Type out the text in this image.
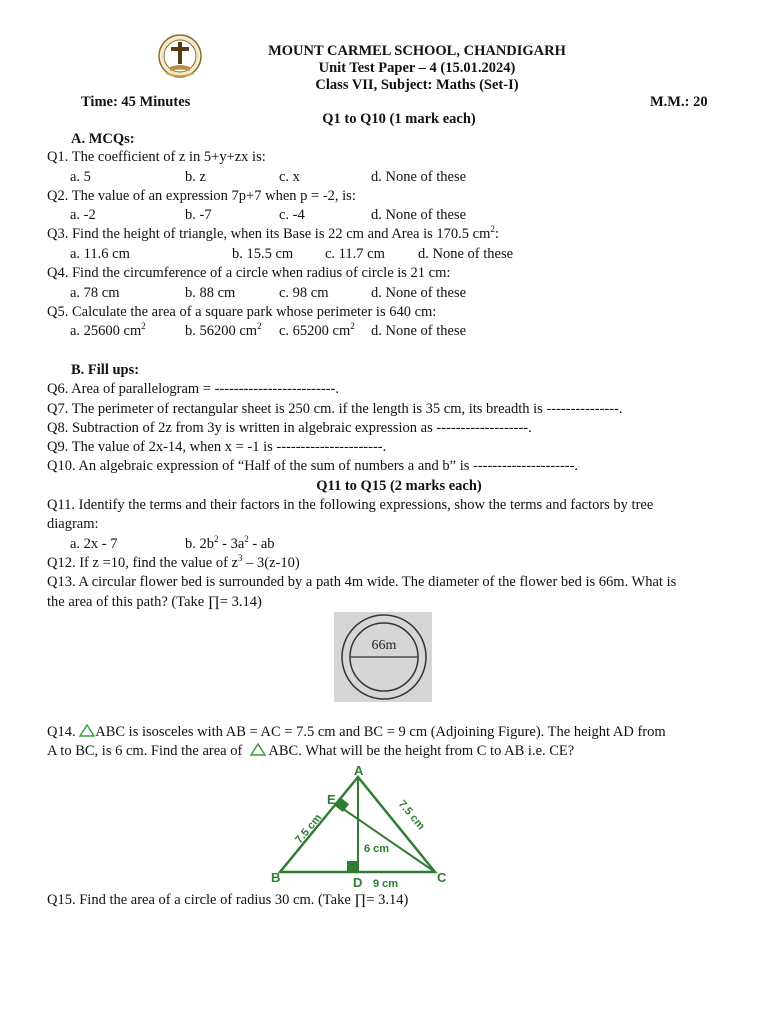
MOUNT CARMEL SCHOOL, CHANDIGARH
Unit Test Paper – 4 (15.01.2024)
Class VII, Subject: Maths (Set-I)
Time: 45 Minutes	M.M.: 20
Q1 to Q10 (1 mark each)
A. MCQs:
Q1. The coefficient of z in 5+y+zx is:
a. 5	b. z	c. x	d. None of these
Q2. The value of an expression 7p+7 when p = -2, is:
a. -2	b. -7	c. -4	d. None of these
Q3. Find the height of triangle, when its Base is 22 cm and Area is 170.5 $cm^2$:
a. 11.6 cm	b. 15.5 cm c. 11.7 cm d. None of these
Q4. Find the circumference of a circle when radius of circle is 21 cm:
a. 78 cm	b. 88 cm	c. 98 cm	d. None of these
Q5. Calculate the area of a square park whose perimeter is 640 cm:
a. 25600 $cm^2$	b. 56200 $cm^2$ c. 65200 $cm^2$ d. None of these
B. Fill ups:
Q6. Area of parallelogram = -------------------------.
Q7. The perimeter of rectangular sheet is 250 cm. if the length is 35 cm, its breadth is ---------------.
Q8. Subtraction of 2z from 3y is written in algebraic expression as -------------------.
Q9. The value of 2x-14, when x = -1 is ----------------------.
Q10. An algebraic expression of “Half of the sum of numbers a and b” is ---------------------.
Q11 to Q15 (2 marks each)
Q11. Identify the terms and their factors in the following expressions, show the terms and factors by tree
diagram:
a. 2x - 7	b. $2b^2 - 3a^2$ - ab
Q12. If z =10, find the value of $z^3 - 3(z-10)$
Q13. A circular flower bed is surrounded by a path 4m wide. The diameter of the flower bed is 66m. What is
the area of this path? (Take ∏= 3.14)
66m
Q14. ABC is isosceles with AB = AC = 7.5 cm and BC = 9 cm (Adjoining Figure). The height AD from
A to BC, is 6 cm. Find the area of ABC. What will be the height from C to AB i.e. CE?
A
B	C
D
E
7.5 cm	7.5 cm
6 cm
9 cm
Q15. Find the area of a circle of radius 30 cm. (Take ∏= 3.14)
